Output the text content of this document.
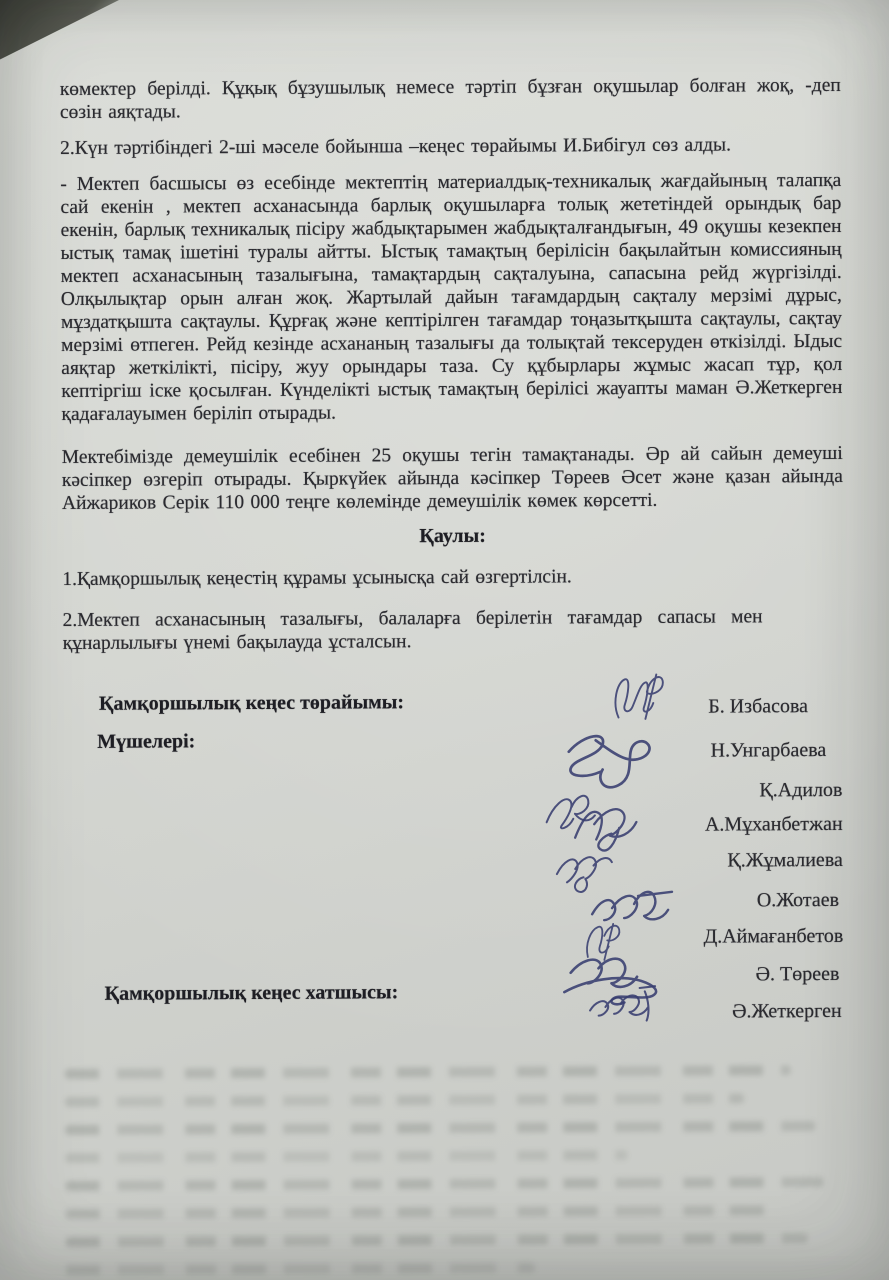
көмектер берілді. Құқық бұзушылық немесе тәртіп бұзған оқушылар болған жоқ, -деп сөзін аяқтады.

2.Күн тәртібіндегі 2-ші мәселе бойынша –кеңес төрайымы И.Бибігул сөз алды.

- Мектеп басшысы өз есебінде мектептің материалдық-техникалық жағдайының талапқа сай екенін , мектеп асханасында барлық оқушыларға толық жететіндей орындық бар екенін, барлық техникалық пісіру жабдықтарымен жабдықталғандығын, 49 оқушы кезекпен ыстық тамақ ішетіні туралы айтты. Ыстық тамақтың берілісін бақылайтын комиссияның мектеп асханасының тазалығына, тамақтардың сақталуына, сапасына рейд жүргізілді. Олқылықтар орын алған жоқ. Жартылай дайын тағамдардың сақталу мерзімі дұрыс, мұздатқышта сақтаулы. Құрғақ және кептірілген тағамдар тоңазытқышта сақтаулы, сақтау мерзімі өтпеген. Рейд кезінде асхананың тазалығы да толықтай тексеруден өткізілді. Ыдыс аяқтар жеткілікті, пісіру, жуу орындары таза. Су құбырлары жұмыс жасап тұр, қол кептіргіш іске қосылған. Күнделікті ыстық тамақтың берілісі жауапты маман Ә.Жеткерген қадағалауымен беріліп отырады.

Мектебімізде демеушілік есебінен 25 оқушы тегін тамақтанады. Әр ай сайын демеуші кәсіпкер өзгеріп отырады. Қыркүйек айында кәсіпкер Төреев Әсет және қазан айында Айжариков Серік 110 000 теңге көлемінде демеушілік көмек көрсетті.

Қаулы:

1.Қамқоршылық кеңестің құрамы ұсынысқа сай өзгертілсін.

2.Мектеп асханасының тазалығы, балаларға берілетін тағамдар сапасы мен құнарлылығы үнемі бақылауда ұсталсын.

Қамқоршылық кеңес төрайымы:
Мүшелері:
Қамқоршылық кеңес хатшысы:
Б. Избасова
Н.Унгарбаева
Қ.Адилов
А.Мұханбетжан
Қ.Жұмалиева
О.Жотаев
Д.Аймағанбетов
Ә. Төреев
Ә.Жеткерген
